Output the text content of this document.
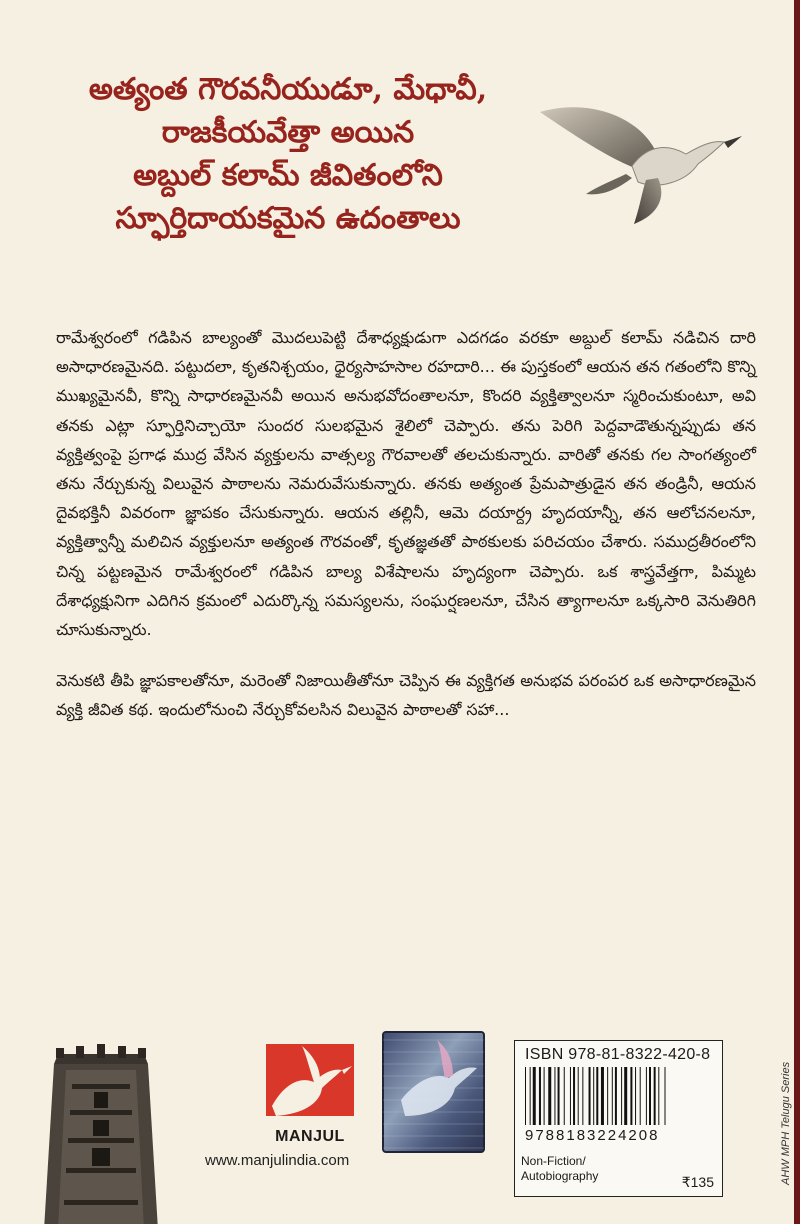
అత్యంత గౌరవనీయుడూ, మేధావీ,
రాజకీయవేత్తా అయిన
అబ్దుల్ కలామ్ జీవితంలోని
స్ఫూర్తిదాయకమైన ఉదంతాలు

రామేశ్వరంలో గడిపిన బాల్యంతో మొదలుపెట్టి దేశాధ్యక్షుడుగా ఎదగడం వరకూ అబ్దుల్ కలామ్ నడిచిన దారి అసాధారణమైనది. పట్టుదలా, కృతనిశ్చయం, ధైర్యసాహసాల రహదారి... ఈ పుస్తకంలో ఆయన తన గతంలోని కొన్ని ముఖ్యమైనవీ, కొన్ని సాధారణమైనవీ అయిన అనుభవోదంతాలనూ, కొందరి వ్యక్తిత్వాలనూ స్మరించుకుంటూ, అవి తనకు ఎట్లా స్ఫూర్తినిచ్చాయో సుందర సులభమైన శైలిలో చెప్పారు. తను పెరిగి పెద్దవాడౌతున్నప్పుడు తన వ్యక్తిత్వంపై ప్రగాఢ ముద్ర వేసిన వ్యక్తులను వాత్సల్య గౌరవాలతో తలచుకున్నారు. వారితో తనకు గల సాంగత్యంలో తను నేర్చుకున్న విలువైన పాఠాలను నెమరువేసుకున్నారు. తనకు అత్యంత ప్రేమపాత్రుడైన తన తండ్రినీ, ఆయన దైవభక్తినీ వివరంగా జ్ఞాపకం చేసుకున్నారు. ఆయన తల్లినీ, ఆమె దయార్ద్ర హృదయాన్నీ, తన ఆలోచనలనూ, వ్యక్తిత్వాన్నీ మలిచిన వ్యక్తులనూ అత్యంత గౌరవంతో, కృతజ్ఞతతో పాఠకులకు పరిచయం చేశారు. సముద్రతీరంలోని చిన్న పట్టణమైన రామేశ్వరంలో గడిపిన బాల్య విశేషాలను హృద్యంగా చెప్పారు. ఒక శాస్త్రవేత్తగా, పిమ్మట దేశాధ్యక్షునిగా ఎదిగిన క్రమంలో ఎదుర్కొన్న సమస్యలను, సంఘర్షణలనూ, చేసిన త్యాగాలనూ ఒక్కసారి వెనుతిరిగి చూసుకున్నారు.

వెనుకటి తీపి జ్ఞాపకాలతోనూ, మరెంతో నిజాయితీతోనూ చెప్పిన ఈ వ్యక్తిగత అనుభవ పరంపర ఒక అసాధారణమైన వ్యక్తి జీవిత కథ. ఇందులోనుంచి నేర్చుకోవలసిన విలువైన పాఠాలతో సహా...

MANJUL
www.manjulindia.com
ISBN 978-81-8322-420-8
9788183224208
Non-Fiction/
Autobiography	₹135	AHW MPH Telugu Series
